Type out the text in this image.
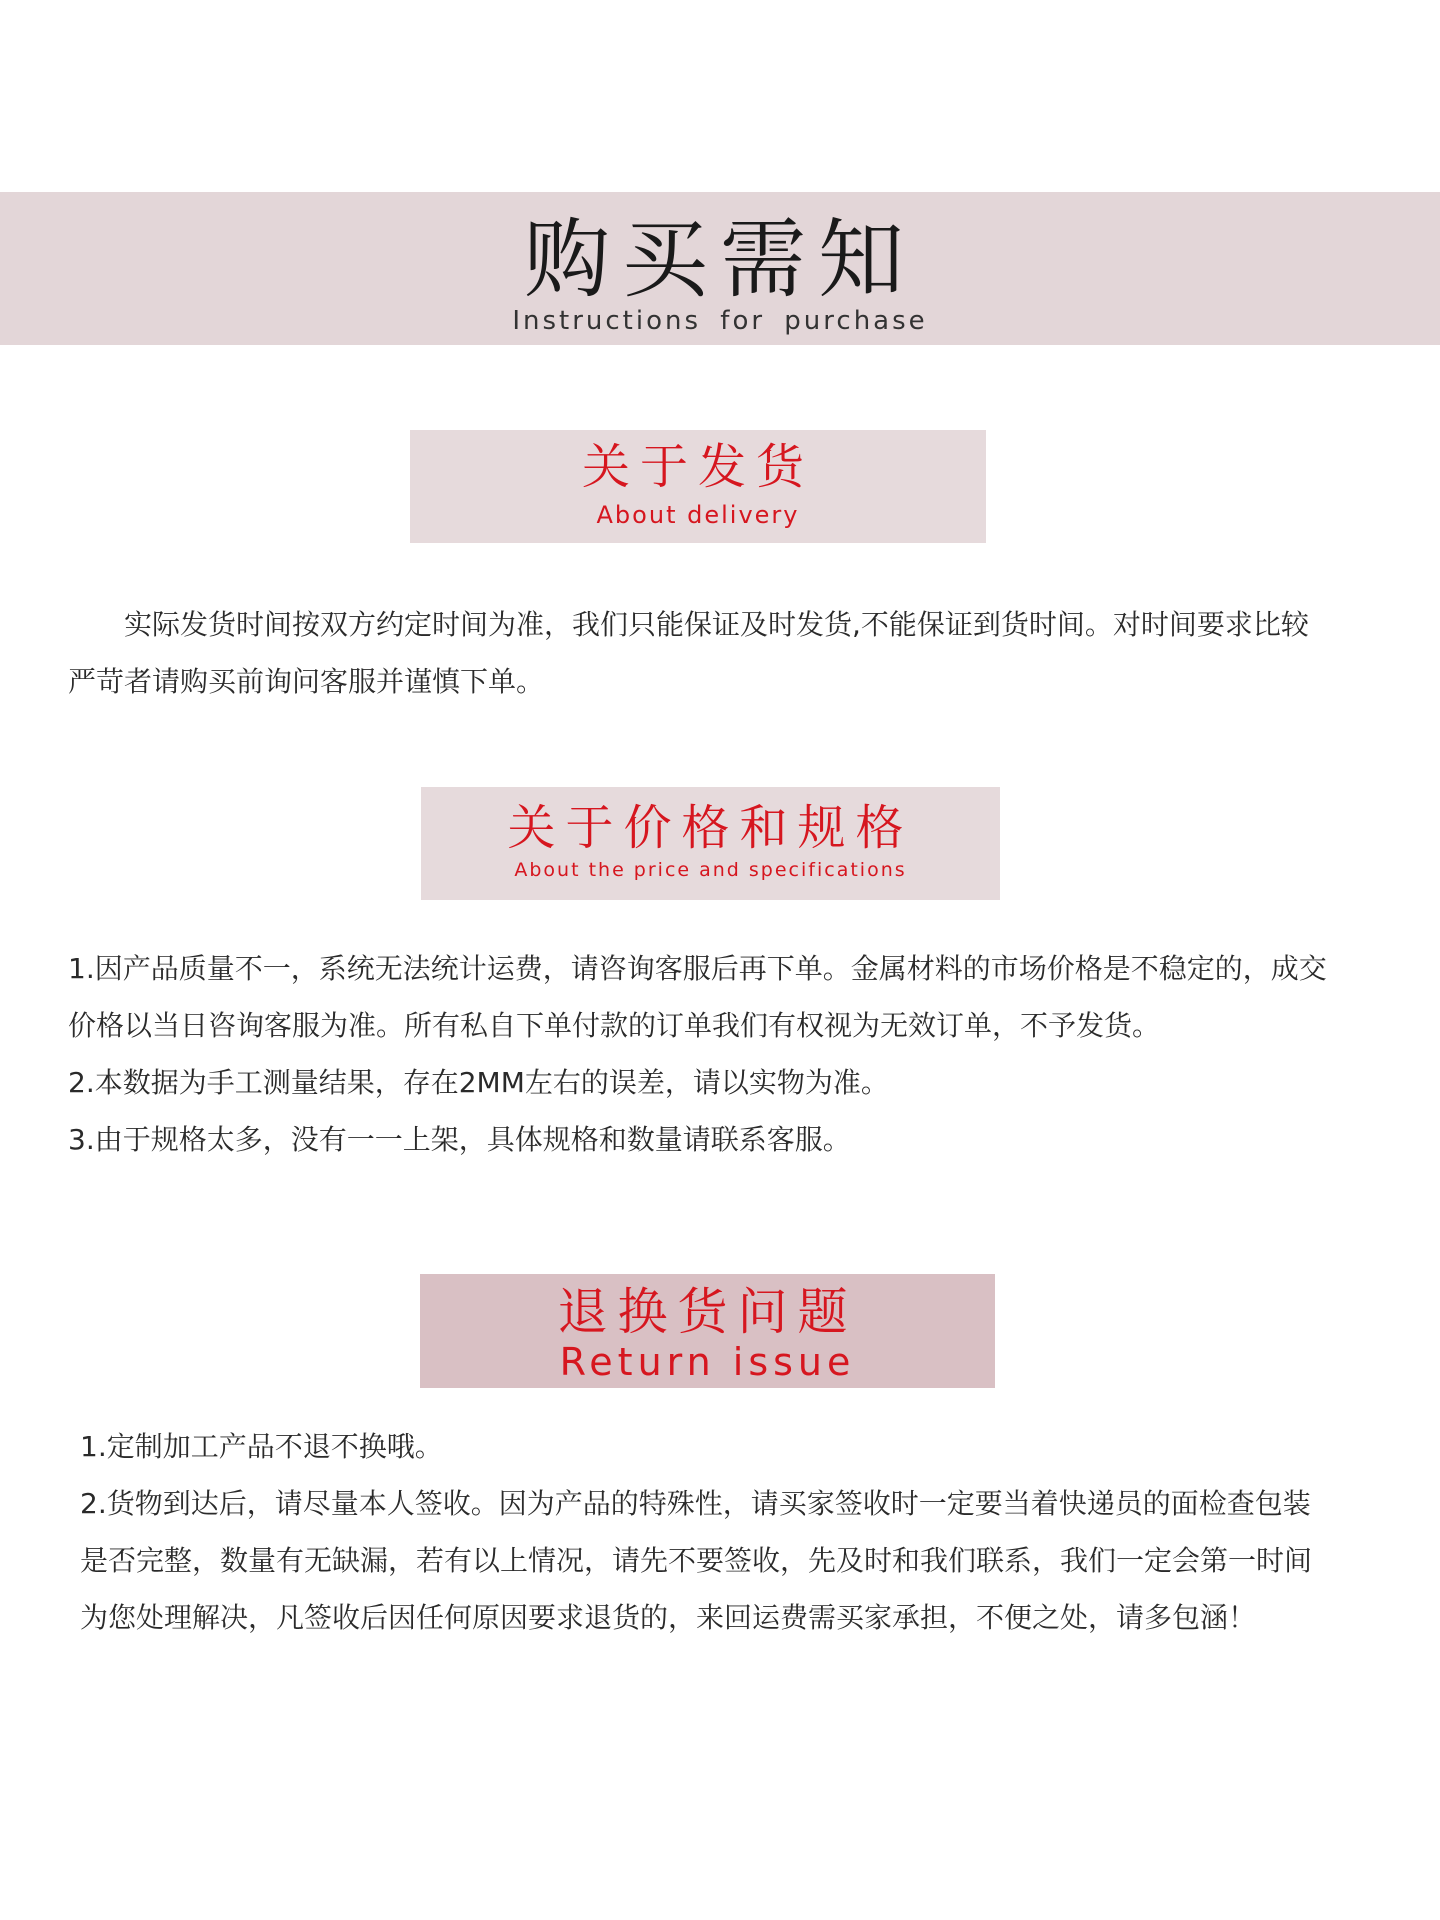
购买需知
Instructions for purchase
关于发货
About delivery

实际发货时间按双方约定时间为准，我们只能保证及时发货,不能保证到货时间。对时间要求比较严苛者请购买前询问客服并谨慎下单。

关于价格和规格
About the price and specifications

1.因产品质量不一，系统无法统计运费，请咨询客服后再下单。金属材料的市场价格是不稳定的，成交价格以当日咨询客服为准。所有私自下单付款的订单我们有权视为无效订单，不予发货。

2.本数据为手工测量结果，存在2MM左右的误差，请以实物为准。

3.由于规格太多，没有一一上架，具体规格和数量请联系客服。

退换货问题
Return issue

1.定制加工产品不退不换哦。

2.货物到达后，请尽量本人签收。因为产品的特殊性，请买家签收时一定要当着快递员的面检查包装是否完整，数量有无缺漏，若有以上情况，请先不要签收，先及时和我们联系，我们一定会第一时间为您处理解决，凡签收后因任何原因要求退货的，来回运费需买家承担，不便之处，请多包涵！
